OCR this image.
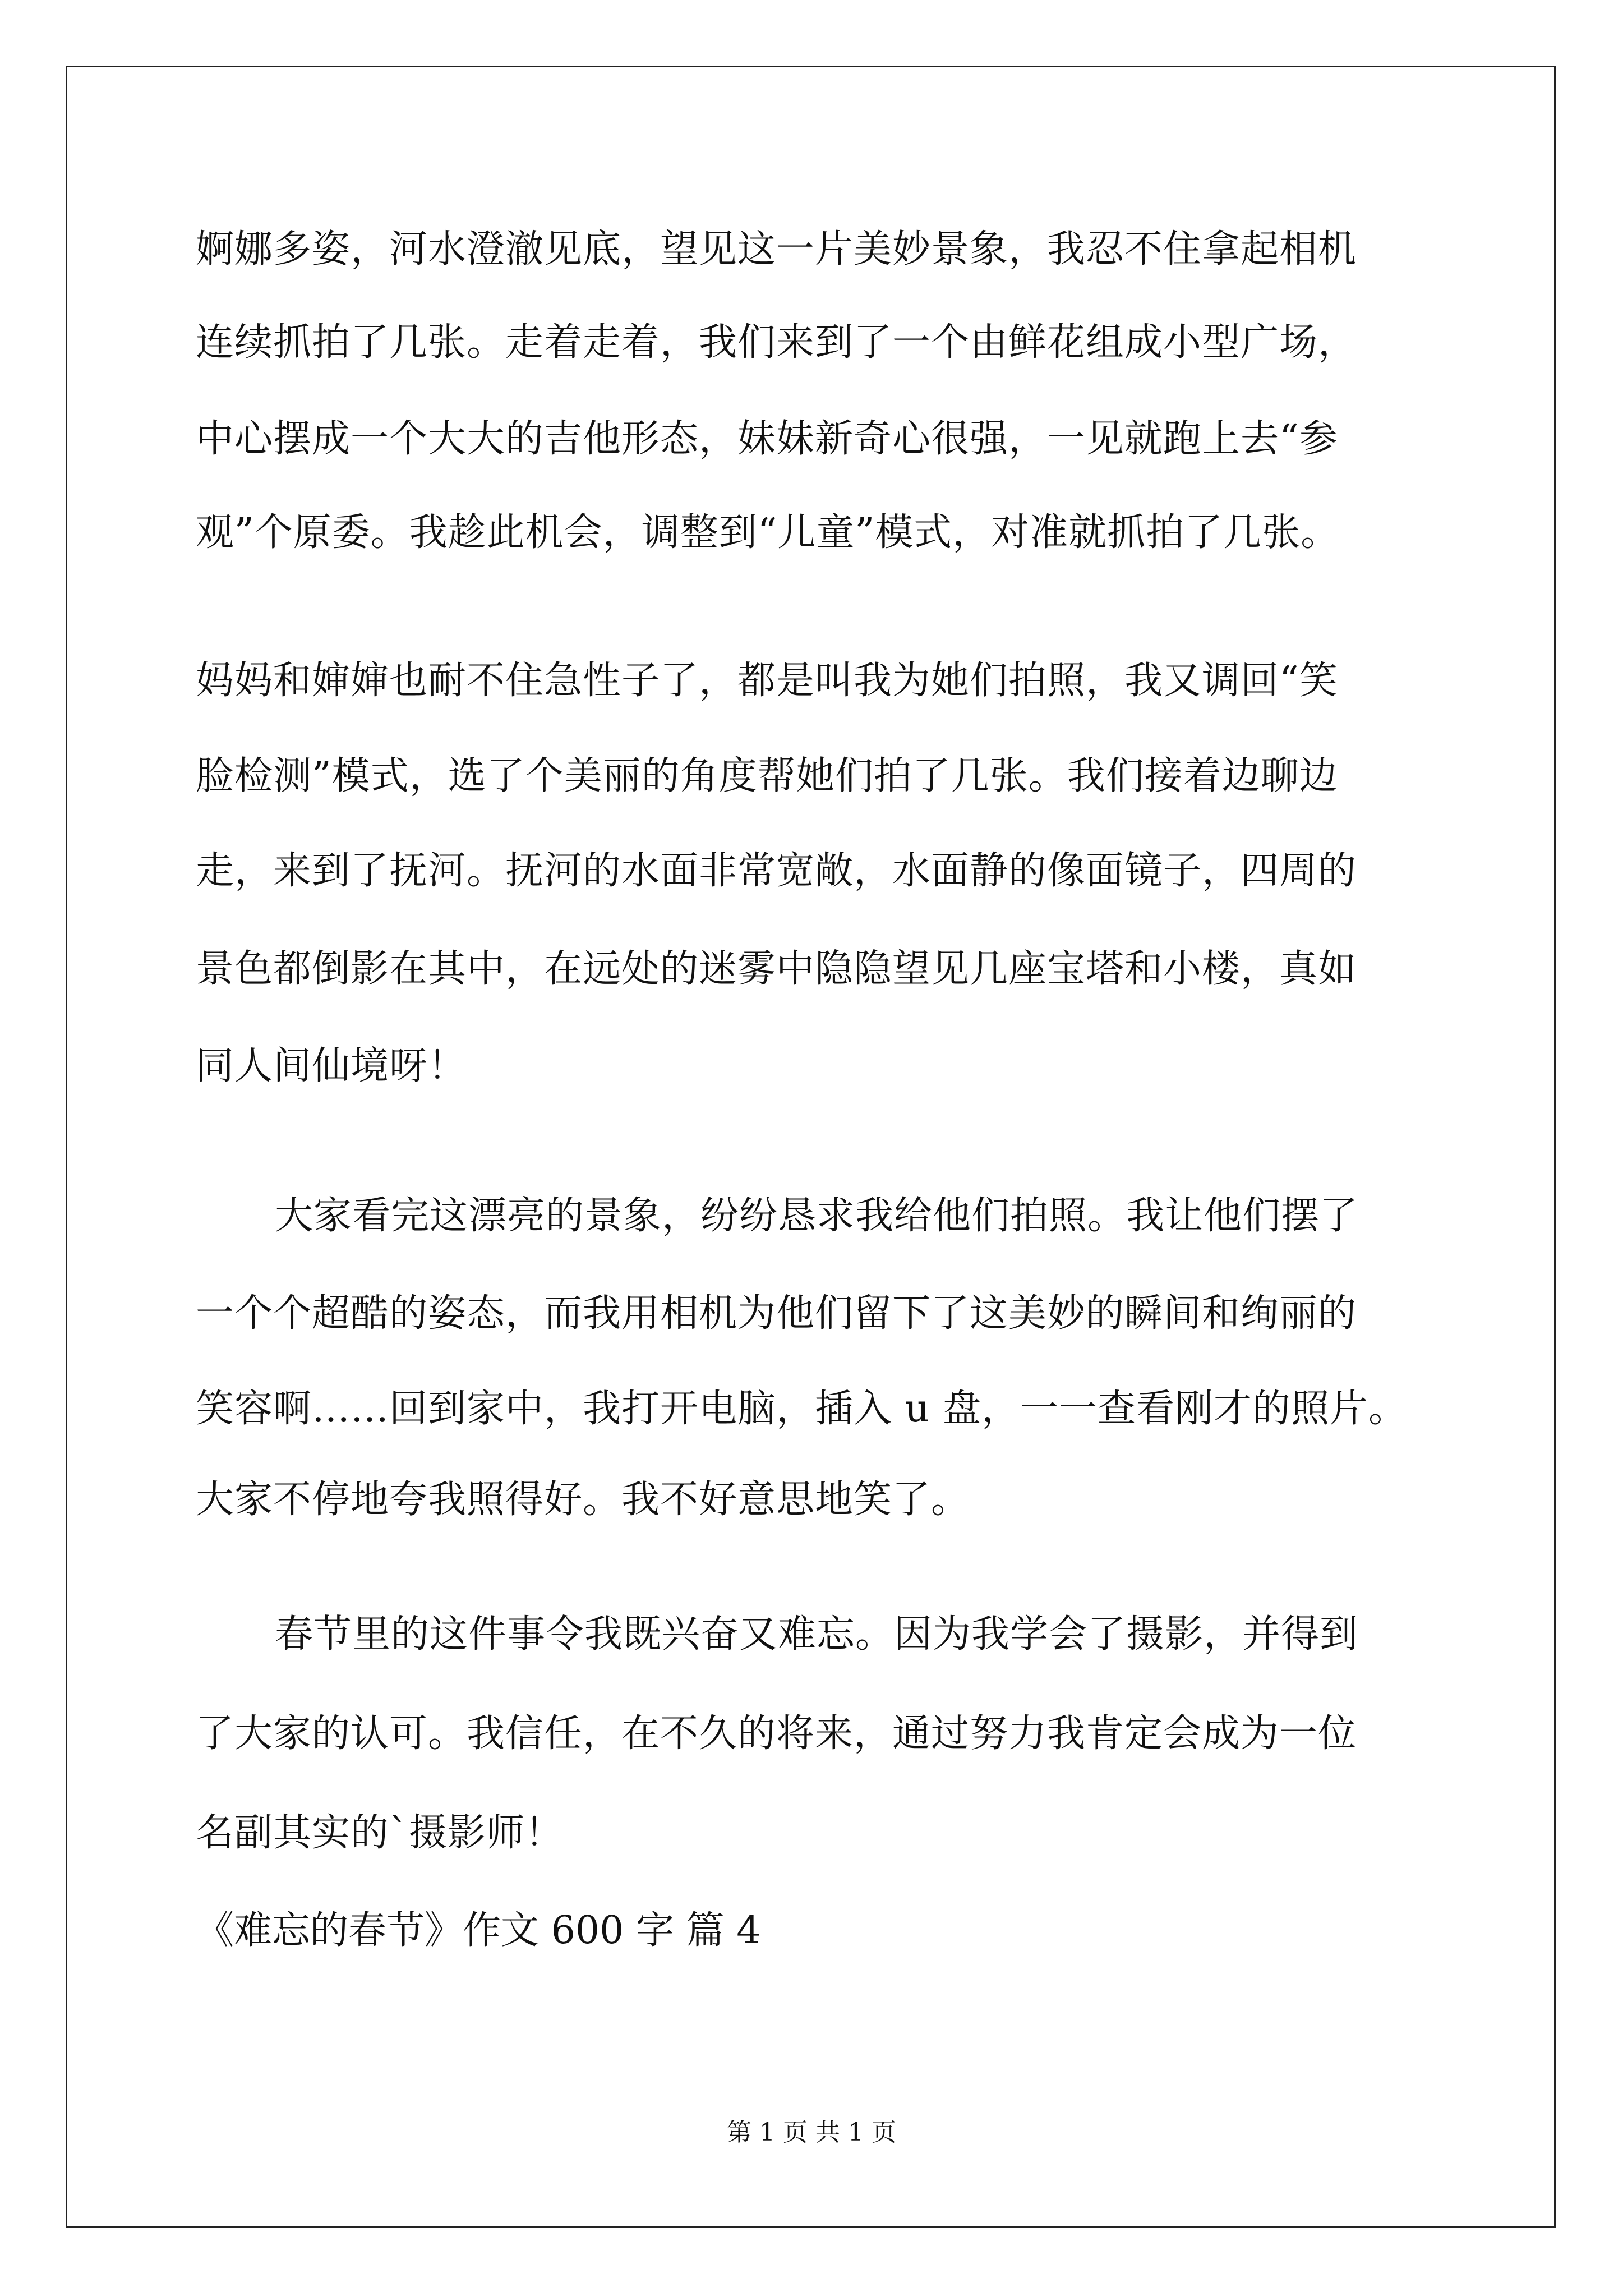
婀娜多姿，河水澄澈见底，望见这一片美妙景象，我忍不住拿起相机
连续抓拍了几张。走着走着，我们来到了一个由鲜花组成小型广场，
中心摆成一个大大的吉他形态，妹妹新奇心很强，一见就跑上去“参
观”个原委。我趁此机会，调整到“儿童”模式，对准就抓拍了几张。
妈妈和婶婶也耐不住急性子了，都是叫我为她们拍照，我又调回“笑
脸检测”模式，选了个美丽的角度帮她们拍了几张。我们接着边聊边
走，来到了抚河。抚河的水面非常宽敞，水面静的像面镜子，四周的
景色都倒影在其中，在远处的迷雾中隐隐望见几座宝塔和小楼，真如
同人间仙境呀！
大家看完这漂亮的景象，纷纷恳求我给他们拍照。我让他们摆了
一个个超酷的姿态，而我用相机为他们留下了这美妙的瞬间和绚丽的
笑容啊……回到家中，我打开电脑，插入 u 盘，一一查看刚才的照片。
大家不停地夸我照得好。我不好意思地笑了。
春节里的这件事令我既兴奋又难忘。因为我学会了摄影，并得到
了大家的认可。我信任，在不久的将来，通过努力我肯定会成为一位
名副其实的`摄影师！
《难忘的春节》作文 600 字 篇 4
第 1 页 共 1 页
